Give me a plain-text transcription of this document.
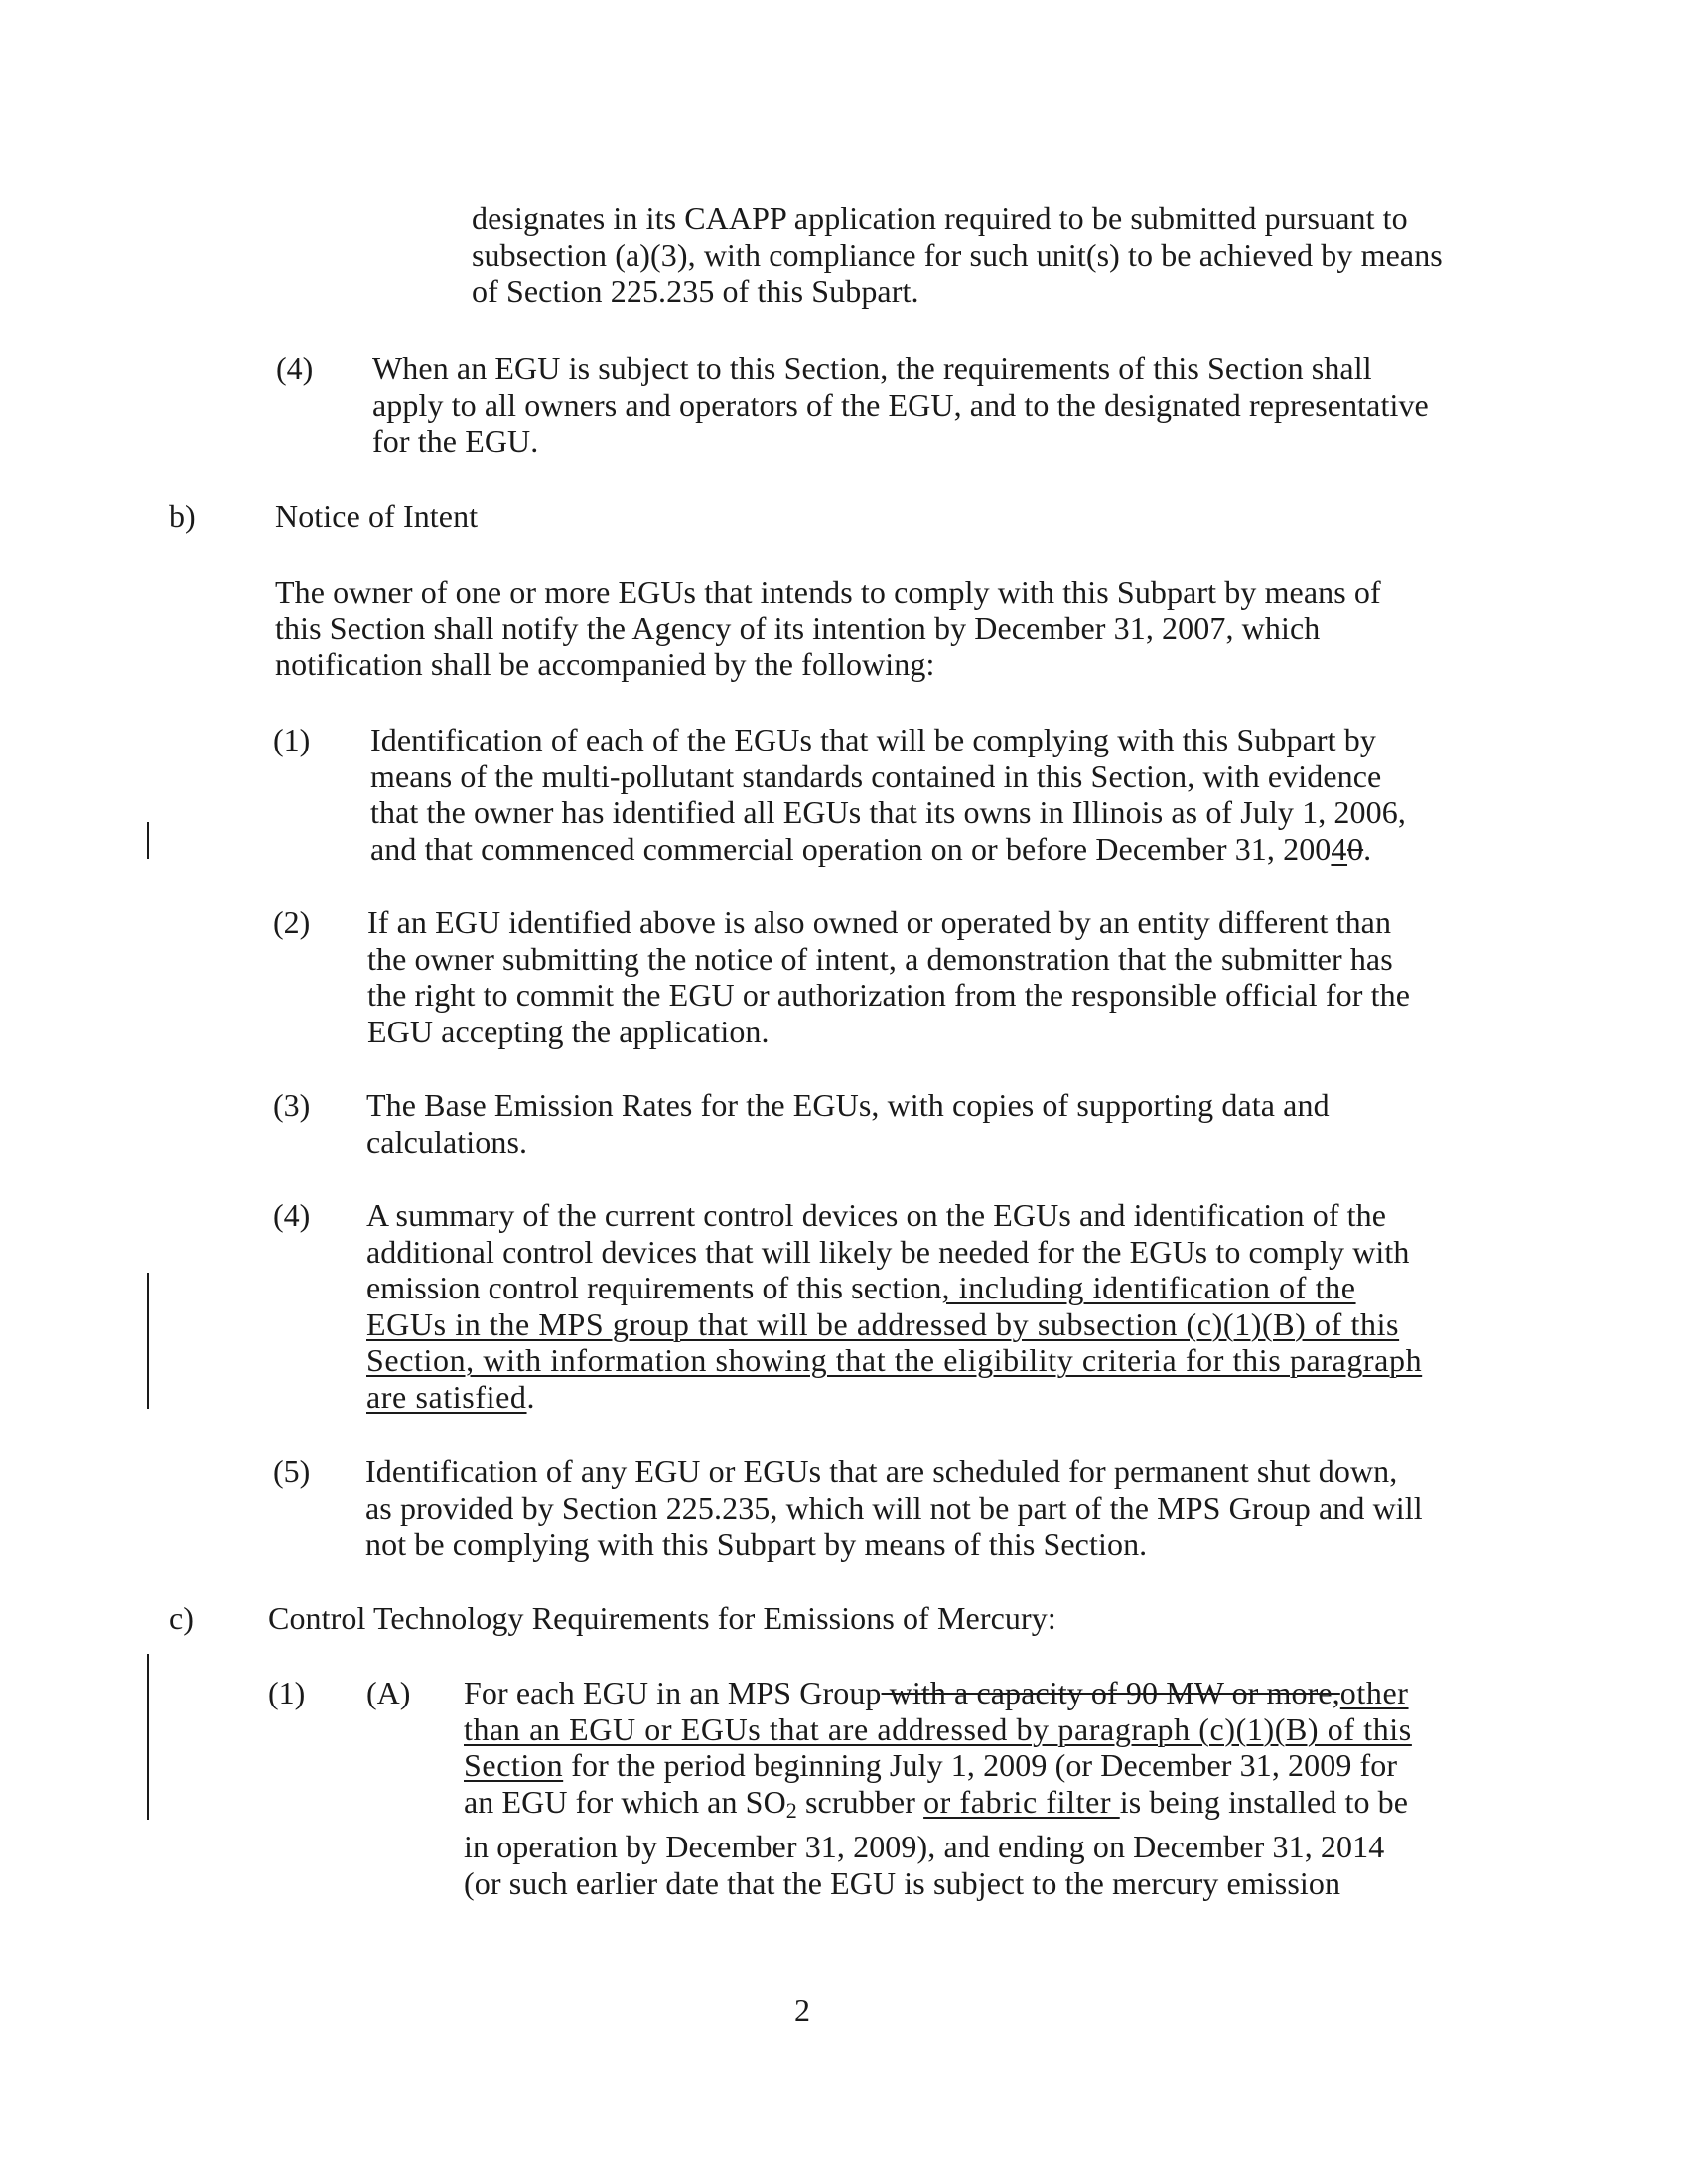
designates in its CAAPP application required to be submitted pursuant to subsection (a)(3), with compliance for such unit(s) to be achieved by means of Section 225.235 of this Subpart.
(4) When an EGU is subject to this Section, the requirements of this Section shall apply to all owners and operators of the EGU, and to the designated representative for the EGU.
b)	Notice of Intent
The owner of one or more EGUs that intends to comply with this Subpart by means of this Section shall notify the Agency of its intention by December 31, 2007, which notification shall be accompanied by the following:
(1) Identification of each of the EGUs that will be complying with this Subpart by means of the multi-pollutant standards contained in this Section, with evidence that the owner has identified all EGUs that its owns in Illinois as of July 1, 2006, and that commenced commercial operation on or before December 31, 20040.
(2) If an EGU identified above is also owned or operated by an entity different than the owner submitting the notice of intent, a demonstration that the submitter has the right to commit the EGU or authorization from the responsible official for the EGU accepting the application.
(3) The Base Emission Rates for the EGUs, with copies of supporting data and calculations.
(4) A summary of the current control devices on the EGUs and identification of the additional control devices that will likely be needed for the EGUs to comply with emission control requirements of this section, including identification of the EGUs in the MPS group that will be addressed by subsection (c)(1)(B) of this Section, with information showing that the eligibility criteria for this paragraph are satisfied.
(5) Identification of any EGU or EGUs that are scheduled for permanent shut down, as provided by Section 225.235, which will not be part of the MPS Group and will not be complying with this Subpart by means of this Section.
c) Control Technology Requirements for Emissions of Mercury:
(1) (A) For each EGU in an MPS Group with a capacity of 90 MW or more,other than an EGU or EGUs that are addressed by paragraph (c)(1)(B) of this Section for the period beginning July 1, 2009 (or December 31, 2009 for an EGU for which an $SO_2$ scrubber or fabric filter is being installed to be in operation by December 31, 2009), and ending on December 31, 2014 (or such earlier date that the EGU is subject to the mercury emission
2
